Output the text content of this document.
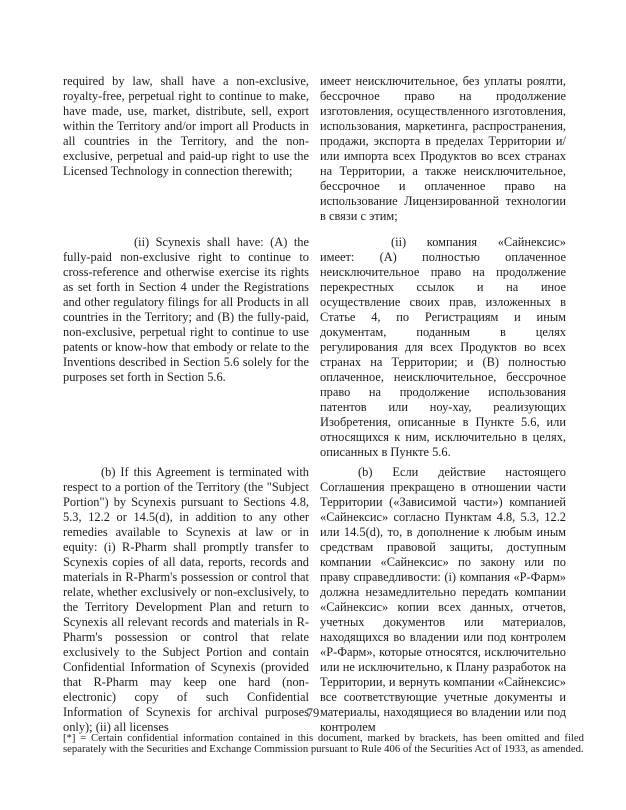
required by law, shall have a non-exclusive, royalty-free, perpetual right to continue to make, have made, use, market, distribute, sell, export within the Territory and/or import all Products in all countries in the Territory, and the non-exclusive, perpetual and paid-up right to use the Licensed Technology in connection therewith;

имеет неисключительное, без уплаты роялти, бессрочное право на продолжение изготовления, осуществленного изготовления, использования, маркетинга, распространения, продажи, экспорта в пределах Территории и/или импорта всех Продуктов во всех странах на Территории, а также неисключительное, бессрочное и оплаченное право на использование Лицензированной технологии в связи с этим;

(ii) Scynexis shall have: (A) the fully-paid non-exclusive right to continue to cross-reference and otherwise exercise its rights as set forth in Section 4 under the Registrations and other regulatory filings for all Products in all countries in the Territory; and (B) the fully-paid, non-exclusive, perpetual right to continue to use patents or know-how that embody or relate to the Inventions described in Section 5.6 solely for the purposes set forth in Section 5.6.

(ii) компания «Сайнексис» имеет: (А) полностью оплаченное неисключительное право на продолжение перекрестных ссылок и на иное осуществление своих прав, изложенных в Статье 4, по Регистрациям и иным документам, поданным в целях регулирования для всех Продуктов во всех странах на Территории; и (В) полностью оплаченное, неисключительное, бессрочное право на продолжение использования патентов или ноу-хау, реализующих Изобретения, описанные в Пункте 5.6, или относящихся к ним, исключительно в целях, описанных в Пункте 5.6.

(b) If this Agreement is terminated with respect to a portion of the Territory (the "Subject Portion") by Scynexis pursuant to Sections 4.8, 5.3, 12.2 or 14.5(d), in addition to any other remedies available to Scynexis at law or in equity: (i) R-Pharm shall promptly transfer to Scynexis copies of all data, reports, records and materials in R-Pharm's possession or control that relate, whether exclusively or non-exclusively, to the Territory Development Plan and return to Scynexis all relevant records and materials in R-Pharm's possession or control that relate exclusively to the Subject Portion and contain Confidential Information of Scynexis (provided that R-Pharm may keep one hard (non-electronic) copy of such Confidential Information of Scynexis for archival purposes only); (ii) all licenses

(b) Если действие настоящего Соглашения прекращено в отношении части Территории («Зависимой части») компанией «Сайнексис» согласно Пунктам 4.8, 5.3, 12.2 или 14.5(d), то, в дополнение к любым иным средствам правовой защиты, доступным компании «Сайнексис» по закону или по праву справедливости: (i) компания «Р-Фарм» должна незамедлительно передать компании «Сайнексис» копии всех данных, отчетов, учетных документов или материалов, находящихся во владении или под контролем «Р-Фарм», которые относятся, исключительно или не исключительно, к Плану разработок на Территории, и вернуть компании «Сайнексис» все соответствующие учетные документы и материалы, находящиеся во владении или под контролем

79

[*] = Certain confidential information contained in this document, marked by brackets, has been omitted and filed separately with the Securities and Exchange Commission pursuant to Rule 406 of the Securities Act of 1933, as amended.
